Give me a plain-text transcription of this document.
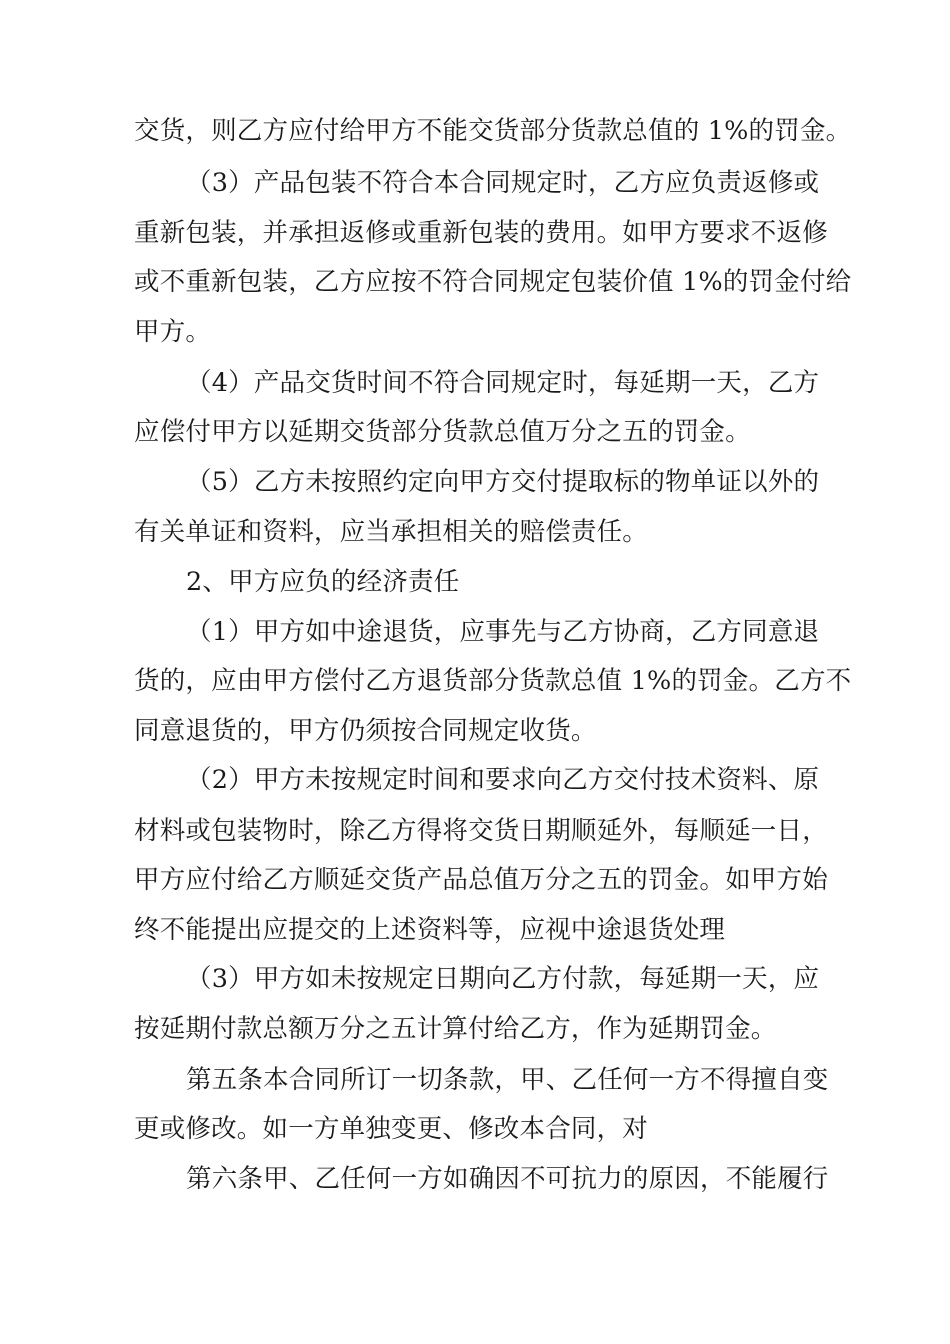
交货，则乙方应付给甲方不能交货部分货款总值的 1%的罚金。
（3）产品包装不符合本合同规定时，乙方应负责返修或
重新包装，并承担返修或重新包装的费用。如甲方要求不返修
或不重新包装，乙方应按不符合同规定包装价值 1%的罚金付给
甲方。
（4）产品交货时间不符合同规定时，每延期一天，乙方
应偿付甲方以延期交货部分货款总值万分之五的罚金。
（5）乙方未按照约定向甲方交付提取标的物单证以外的
有关单证和资料，应当承担相关的赔偿责任。
2、甲方应负的经济责任
（1）甲方如中途退货，应事先与乙方协商，乙方同意退
货的，应由甲方偿付乙方退货部分货款总值 1%的罚金。乙方不
同意退货的，甲方仍须按合同规定收货。
（2）甲方未按规定时间和要求向乙方交付技术资料、原
材料或包装物时，除乙方得将交货日期顺延外，每顺延一日，
甲方应付给乙方顺延交货产品总值万分之五的罚金。如甲方始
终不能提出应提交的上述资料等，应视中途退货处理
（3）甲方如未按规定日期向乙方付款，每延期一天，应
按延期付款总额万分之五计算付给乙方，作为延期罚金。
第五条本合同所订一切条款，甲、乙任何一方不得擅自变
更或修改。如一方单独变更、修改本合同，对
第六条甲、乙任何一方如确因不可抗力的原因，不能履行
